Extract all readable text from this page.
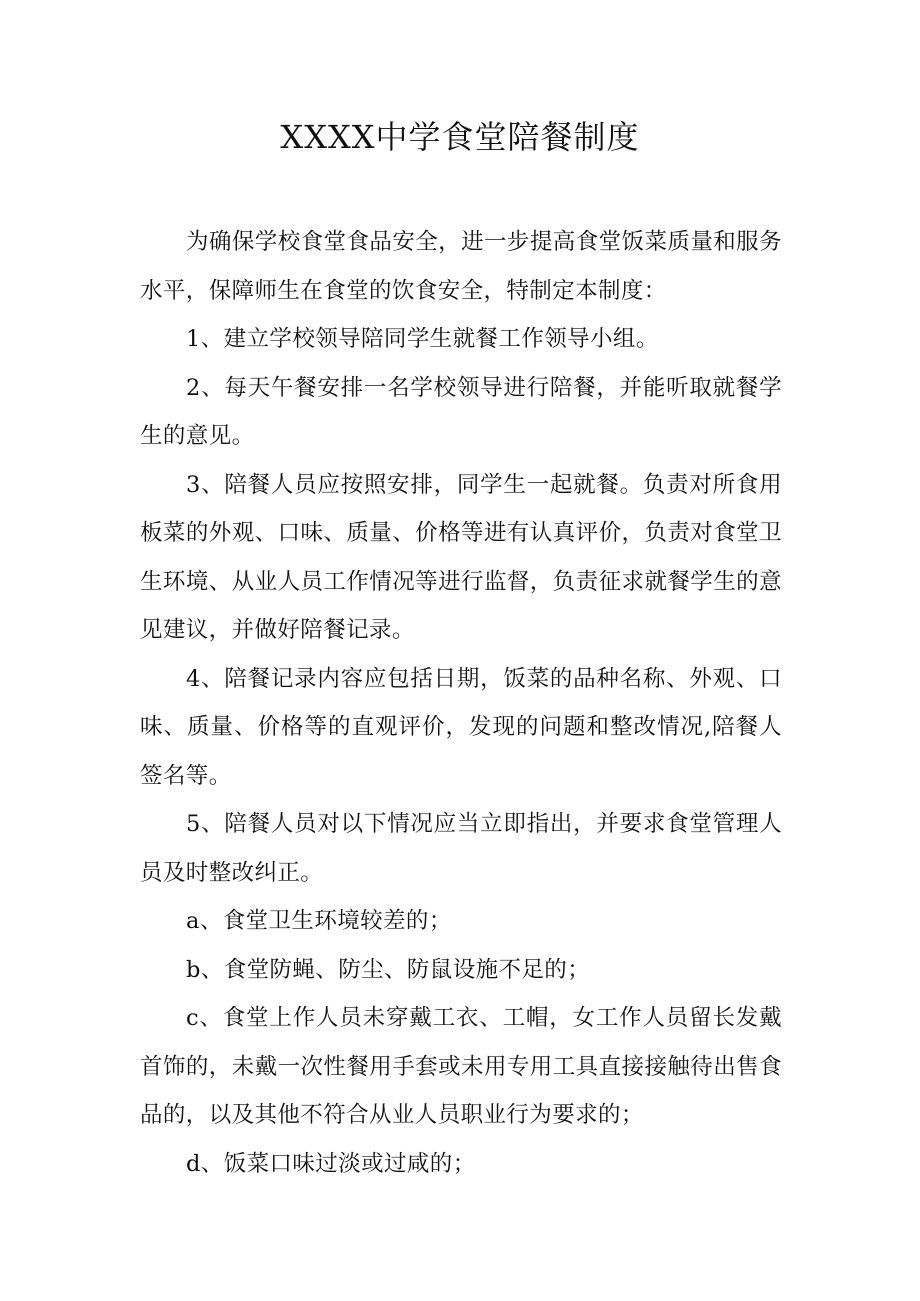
XXXX中学食堂陪餐制度

为确保学校食堂食品安全，进一步提高食堂饭菜质量和服务水平，保障师生在食堂的饮食安全，特制定本制度：

1、建立学校领导陪同学生就餐工作领导小组。

2、每天午餐安排一名学校领导进行陪餐，并能听取就餐学生的意见。

3、陪餐人员应按照安排，同学生一起就餐。负责对所食用板菜的外观、口味、质量、价格等进有认真评价，负责对食堂卫生环境、从业人员工作情况等进行监督，负责征求就餐学生的意见建议，并做好陪餐记录。

4、陪餐记录内容应包括日期，饭菜的品种名称、外观、口味、质量、价格等的直观评价，发现的问题和整改情况,陪餐人签名等。

5、陪餐人员对以下情况应当立即指出，并要求食堂管理人员及时整改纠正。

a、食堂卫生环境较差的；

b、食堂防蝇、防尘、防鼠设施不足的；

c、食堂上作人员未穿戴工衣、工帽，女工作人员留长发戴首饰的，未戴一次性餐用手套或未用专用工具直接接触待出售食品的，以及其他不符合从业人员职业行为要求的；

d、饭菜口味过淡或过咸的；
